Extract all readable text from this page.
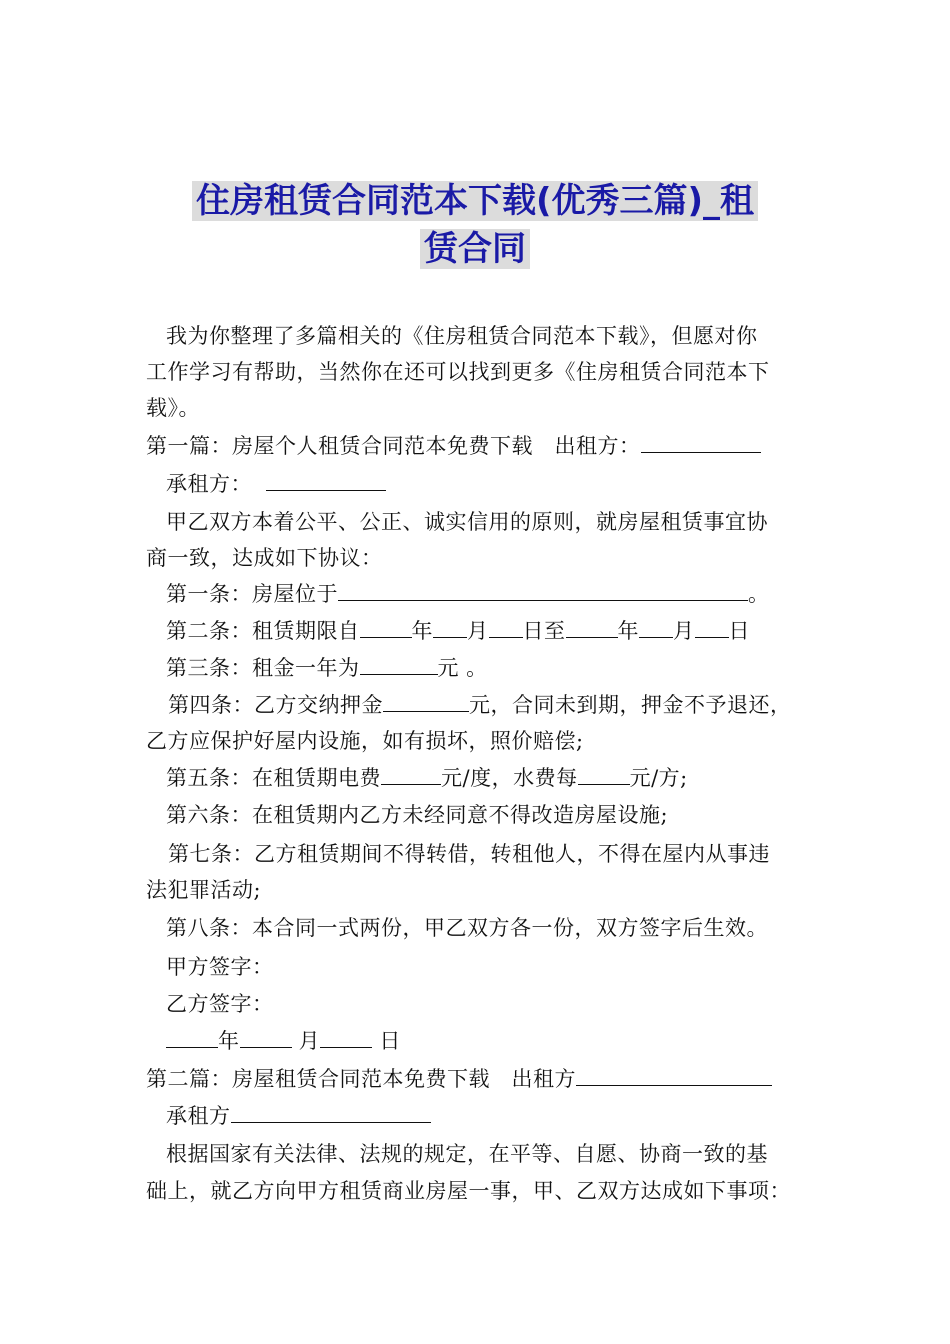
住房租赁合同范本下载(优秀三篇)_租
赁合同
我为你整理了多篇相关的《住房租赁合同范本下载》，但愿对你
工作学习有帮助，当然你在还可以找到更多《住房租赁合同范本下
载》。
第一篇：房屋个人租赁合同范本免费下载　出租方：
承租方：
甲乙双方本着公平、公正、诚实信用的原则，就房屋租赁事宜协
商一致，达成如下协议：
第一条：房屋位于	。
第二条：租赁期限自 年 月 日至 年 月 日
第三条：租金一年为	元 。
第四条：乙方交纳押金	元，合同未到期，押金不予退还，
乙方应保护好屋内设施，如有损坏，照价赔偿;
第五条：在租赁期电费	元/度，水费每 元/方;
第六条：在租赁期内乙方未经同意不得改造房屋设施;
第七条：乙方租赁期间不得转借，转租他人，不得在屋内从事违
法犯罪活动;
第八条：本合同一式两份，甲乙双方各一份，双方签字后生效。
甲方签字：
乙方签字：
年 月 日
第二篇：房屋租赁合同范本免费下载　出租方
承租方
根据国家有关法律、法规的规定，在平等、自愿、协商一致的基
础上，就乙方向甲方租赁商业房屋一事，甲、乙双方达成如下事项：
